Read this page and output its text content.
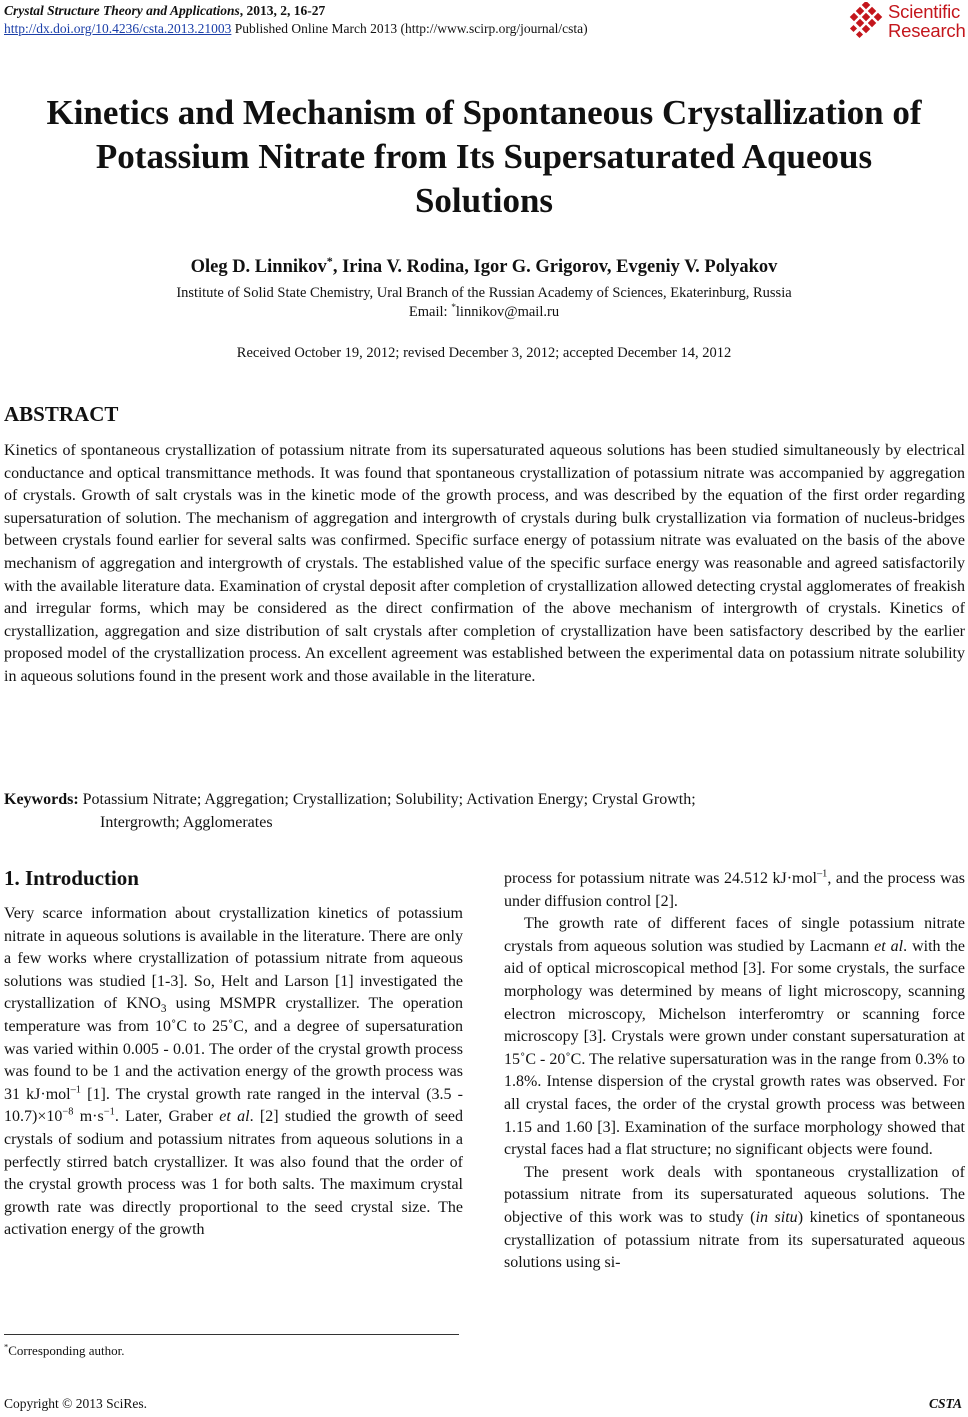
Crystal Structure Theory and Applications, 2013, 2, 16-27
http://dx.doi.org/10.4236/csta.2013.21003 Published Online March 2013 (http://www.scirp.org/journal/csta)
Scientific
Research
Kinetics and Mechanism of Spontaneous Crystallization of
Potassium Nitrate from Its Supersaturated Aqueous
Solutions
Oleg D. Linnikov*, Irina V. Rodina, Igor G. Grigorov, Evgeniy V. Polyakov
Institute of Solid State Chemistry, Ural Branch of the Russian Academy of Sciences, Ekaterinburg, Russia
Email: *linnikov@mail.ru
Received October 19, 2012; revised December 3, 2012; accepted December 14, 2012
ABSTRACT
Kinetics of spontaneous crystallization of potassium nitrate from its supersaturated aqueous solutions has been studied simultaneously by electrical conductance and optical transmittance methods. It was found that spontaneous crystallization of potassium nitrate was accompanied by aggregation of crystals. Growth of salt crystals was in the kinetic mode of the growth process, and was described by the equation of the first order regarding supersaturation of solution. The mechanism of aggregation and intergrowth of crystals during bulk crystallization via formation of nucleus-bridges between crystals found earlier for several salts was confirmed. Specific surface energy of potassium nitrate was evaluated on the basis of the above mechanism of aggregation and intergrowth of crystals. The established value of the specific surface energy was reasonable and agreed satisfactorily with the available literature data. Examination of crystal deposit after completion of crystallization allowed detecting crystal agglomerates of freakish and irregular forms, which may be considered as the direct confirmation of the above mechanism of intergrowth of crystals. Kinetics of crystallization, aggregation and size distribution of salt crystals after completion of crystallization have been satisfactory described by the earlier proposed model of the crystallization process. An excellent agreement was established between the experimental data on potassium nitrate solubility in aqueous solutions found in the present work and those available in the literature.
Keywords: Potassium Nitrate; Aggregation; Crystallization; Solubility; Activation Energy; Crystal Growth;
Intergrowth; Agglomerates
1. Introduction

Very scarce information about crystallization kinetics of potassium nitrate in aqueous solutions is available in the literature. There are only a few works where crystallization of potassium nitrate from aqueous solutions was studied [1-3]. So, Helt and Larson [1] investigated the crystallization of $KNO_3$ using MSMPR crystallizer. The operation temperature was from 10˚C to 25˚C, and a degree of supersaturation was varied within 0.005 - 0.01. The order of the crystal growth process was found to be 1 and the activation energy of the growth process was 31 kJ·mol$^{-1}$ [1]. The crystal growth rate ranged in the interval $(3.5 - 10.7)\times 10^{-8}$ $m\cdot s^{-1}$. Later, Graber et al. [2] studied the growth of seed crystals of sodium and potassium nitrates from aqueous solutions in a perfectly stirred batch crystallizer. It was also found that the order of the crystal growth process was 1 for both salts. The maximum crystal growth rate was directly proportional to the seed crystal size. The activation energy of the growth

process for potassium nitrate was 24.512 kJ·mol$^{-1}$, and the process was under diffusion control [2].

The growth rate of different faces of single potassium nitrate crystals from aqueous solution was studied by Lacmann et al. with the aid of optical microscopical method [3]. For some crystals, the surface morphology was determined by means of light microscopy, scanning electron microscopy, Michelson interferomtry or scanning force microscopy [3]. Crystals were grown under constant supersaturation at 15˚C - 20˚C. The relative supersaturation was in the range from 0.3% to 1.8%. Intense dispersion of the crystal growth rates was observed. For all crystal faces, the order of the crystal growth process was between 1.15 and 1.60 [3]. Examination of the surface morphology showed that crystal faces had a flat structure; no significant objects were found.

The present work deals with spontaneous crystallization of potassium nitrate from its supersaturated aqueous solutions. The objective of this work was to study (in situ) kinetics of spontaneous crystallization of potassium nitrate from its supersaturated aqueous solutions using si-

*Corresponding author.
Copyright © 2013 SciRes.	CSTA
